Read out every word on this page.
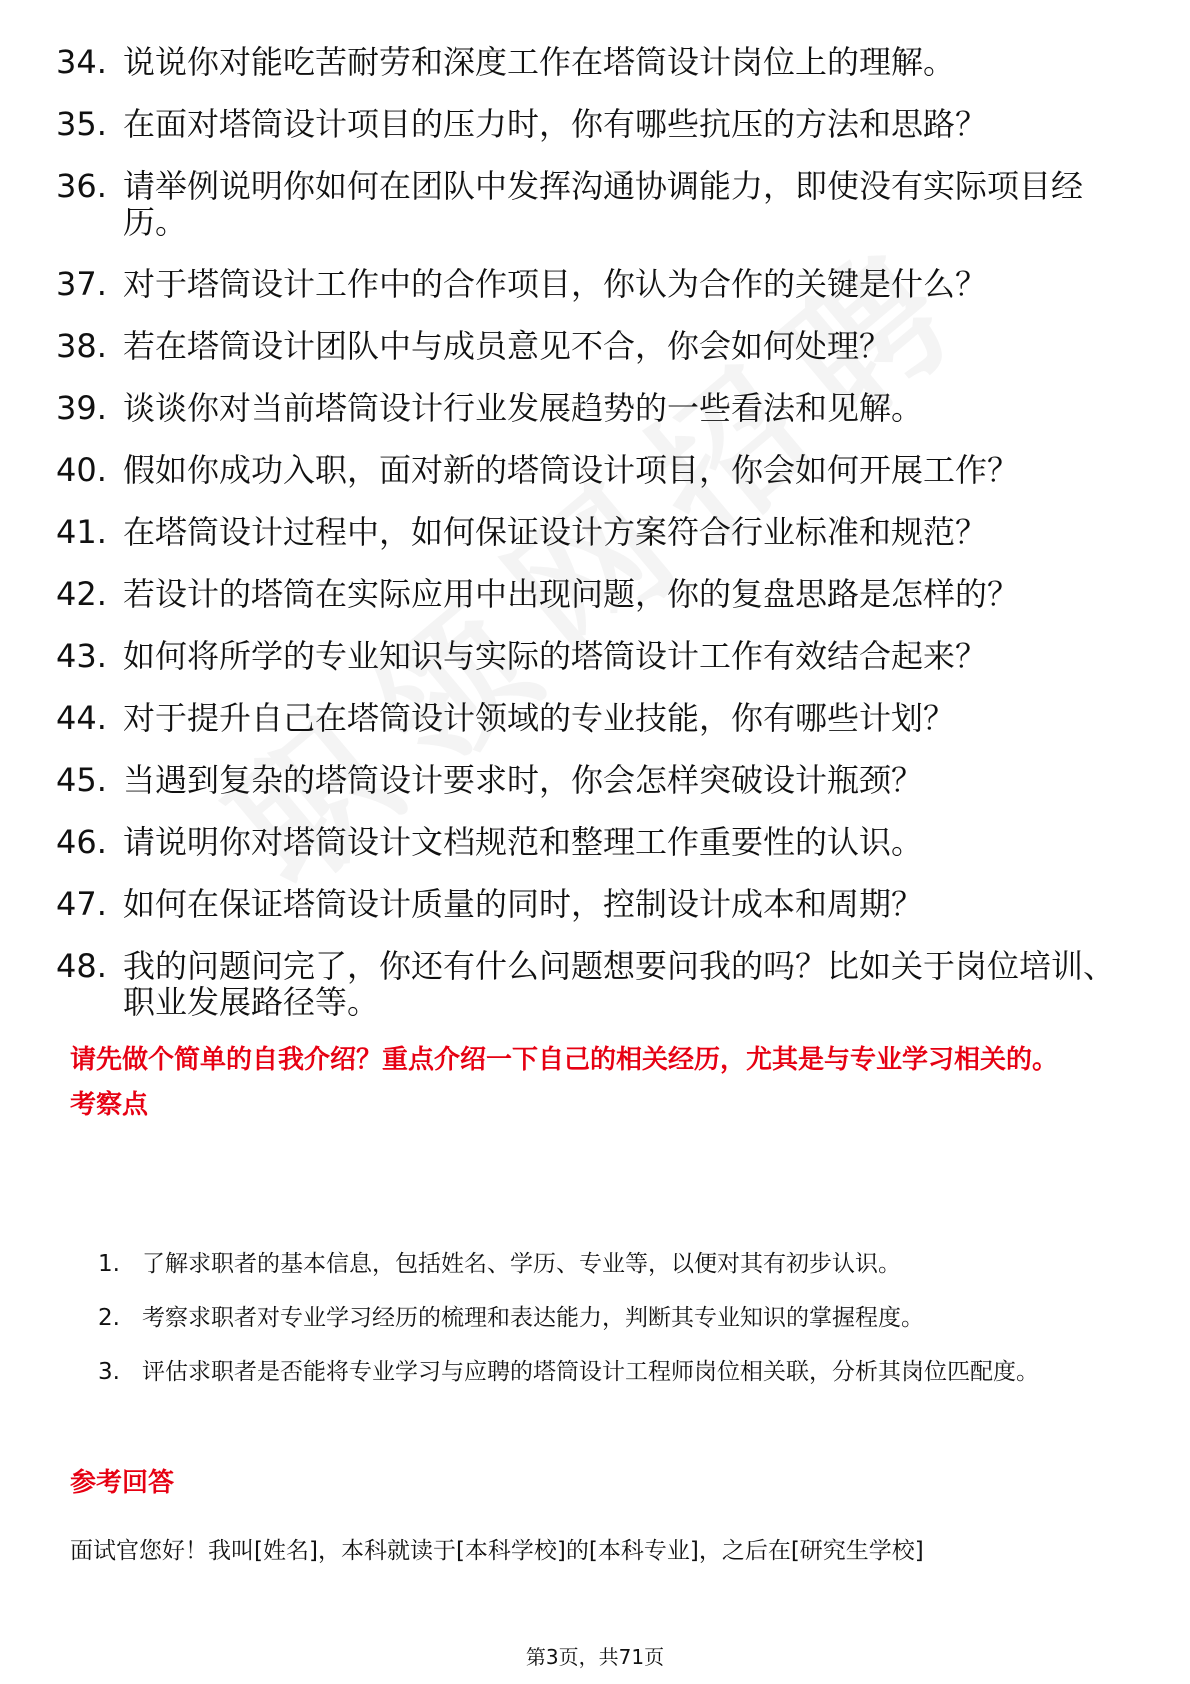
34. 说说你对能吃苦耐劳和深度工作在塔筒设计岗位上的理解。
35. 在面对塔筒设计项目的压力时，你有哪些抗压的方法和思路？
36. 请举例说明你如何在团队中发挥沟通协调能力，即使没有实际项目经历。
37. 对于塔筒设计工作中的合作项目，你认为合作的关键是什么？
38. 若在塔筒设计团队中与成员意见不合，你会如何处理？
39. 谈谈你对当前塔筒设计行业发展趋势的一些看法和见解。
40. 假如你成功入职，面对新的塔筒设计项目，你会如何开展工作？
41. 在塔筒设计过程中，如何保证设计方案符合行业标准和规范？
42. 若设计的塔筒在实际应用中出现问题，你的复盘思路是怎样的？
43. 如何将所学的专业知识与实际的塔筒设计工作有效结合起来？
44. 对于提升自己在塔筒设计领域的专业技能，你有哪些计划？
45. 当遇到复杂的塔筒设计要求时，你会怎样突破设计瓶颈？
46. 请说明你对塔筒设计文档规范和整理工作重要性的认识。
47. 如何在保证塔筒设计质量的同时，控制设计成本和周期？
48. 我的问题问完了，你还有什么问题想要问我的吗？比如关于岗位培训、职业发展路径等。
请先做个简单的自我介绍？重点介绍一下自己的相关经历，尤其是与专业学习相关的。
考察点
1. 了解求职者的基本信息，包括姓名、学历、专业等，以便对其有初步认识。
2. 考察求职者对专业学习经历的梳理和表达能力，判断其专业知识的掌握程度。
3. 评估求职者是否能将专业学习与应聘的塔筒设计工程师岗位相关联，分析其岗位匹配度。
参考回答
面试官您好！我叫[姓名]，本科就读于[本科学校]的[本科专业]，之后在[研究生学校]
第3页，共71页
